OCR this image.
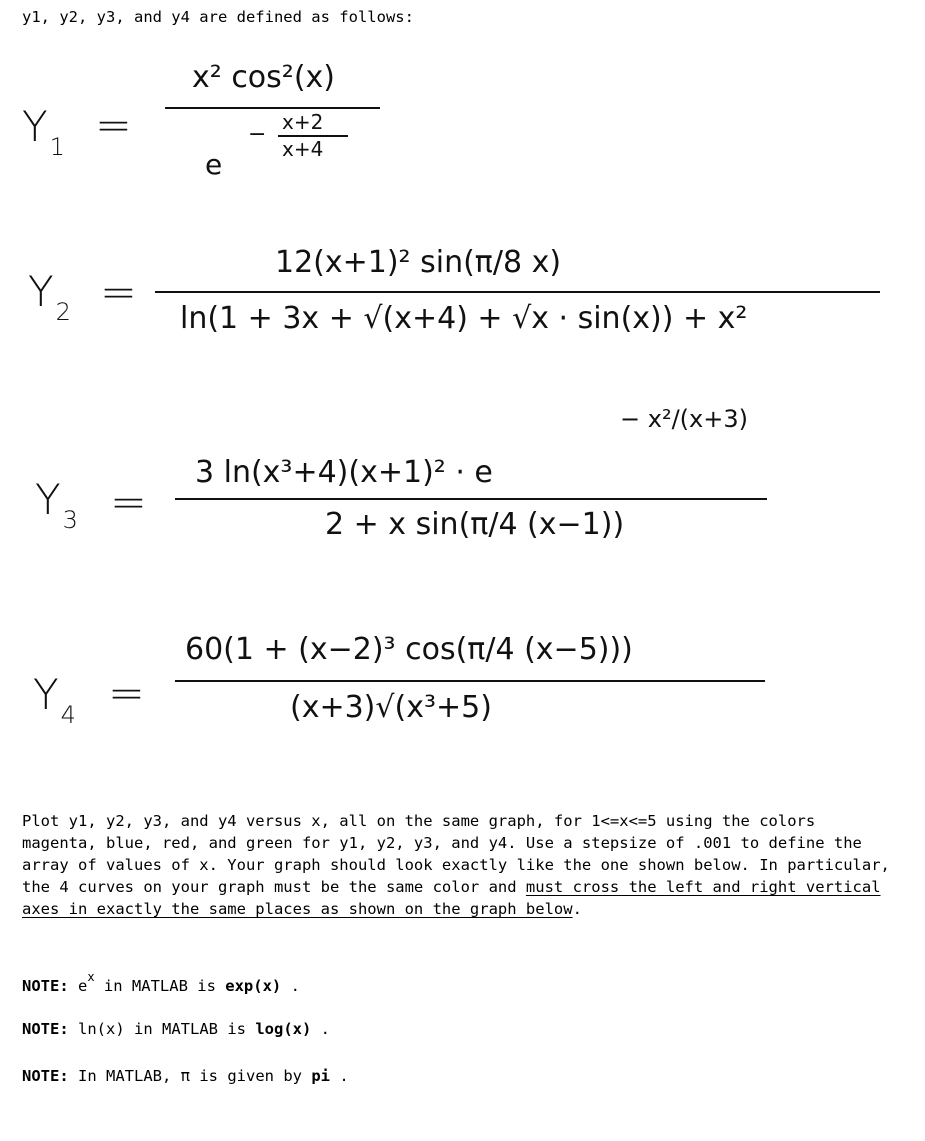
y1, y2, y3, and y4 are defined as follows:
$Y_1$ =
x² cos²(x)
e
− x+2
x+4
$Y_2$ =
12(x+1)² sin(π/8 x)
ln(1 + 3x + √(x+4) + √x · sin(x)) + x²
$Y_3$ =
3 ln(x³+4)(x+1)² · e
− x²/(x+3)
2 + x sin(π/4 (x−1))
$Y_4$ =
60(1 + (x−2)³ cos(π/4 (x−5)))
(x+3)√(x³+5)
Plot y1, y2, y3, and y4 versus x, all on the same graph, for 1<=x<=5 using the colors magenta, blue, red, and green for y1, y2, y3, and y4. Use a stepsize of .001 to define the array of values of x. Your graph should look exactly like the one shown below. In particular, the 4 curves on your graph must be the same color and must cross the left and right vertical axes in exactly the same places as shown on the graph below.
NOTE: $e^x$ in MATLAB is exp(x) .
NOTE: ln(x) in MATLAB is log(x) .
NOTE: In MATLAB, π is given by pi .
